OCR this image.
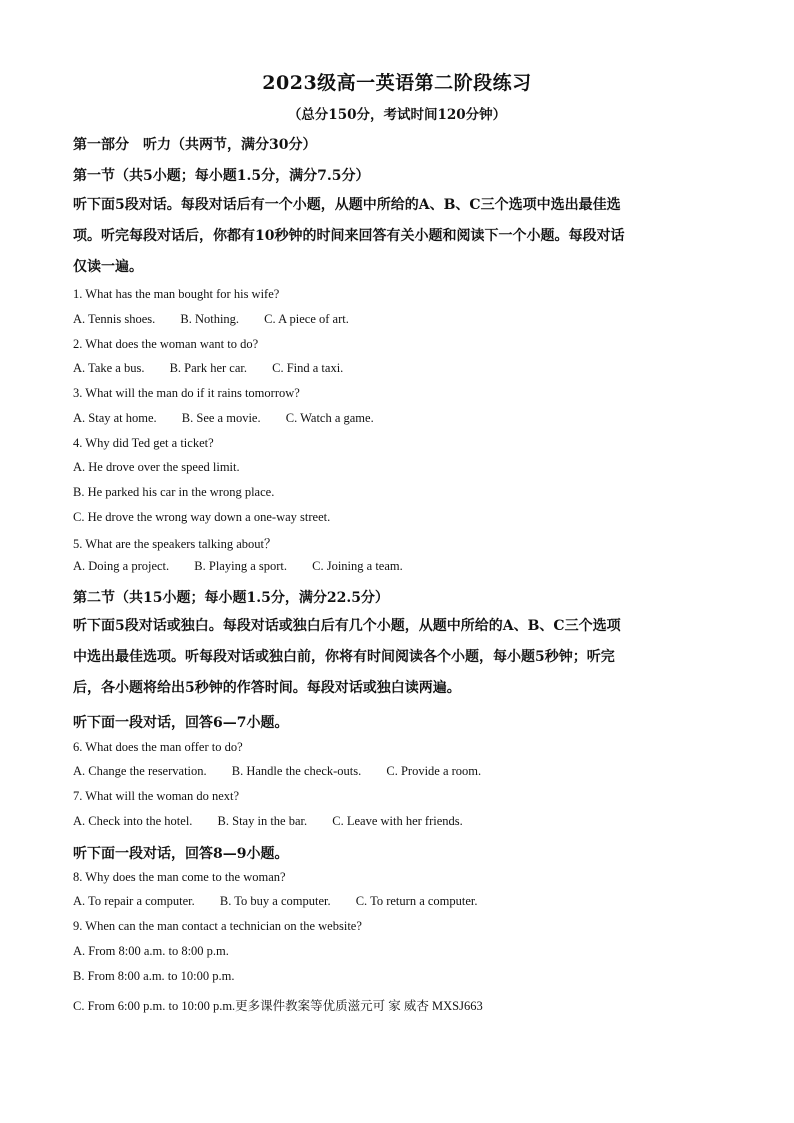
2023级高一英语第二阶段练习
（总分150分，考试时间120分钟）
第一部分　听力（共两节，满分30分）
第一节（共5小题；每小题1.5分，满分7.5分）
听下面5段对话。每段对话后有一个小题，从题中所给的A、B、C三个选项中选出最佳选
项。听完每段对话后，你都有10秒钟的时间来回答有关小题和阅读下一个小题。每段对话
仅读一遍。
1. What has the man bought for his wife?
A. Tennis shoes. B. Nothing. C. A piece of art.
2. What does the woman want to do?
A. Take a bus. B. Park her car. C. Find a taxi.
3. What will the man do if it rains tomorrow?
A. Stay at home. B. See a movie. C. Watch a game.
4. Why did Ted get a ticket?
A. He drove over the speed limit.
B. He parked his car in the wrong place.
C. He drove the wrong way down a one-way street.
5. What are the speakers talking about？
A. Doing a project. B. Playing a sport. C. Joining a team.
第二节（共15小题；每小题1.5分，满分22.5分）
听下面5段对话或独白。每段对话或独白后有几个小题，从题中所给的A、B、C三个选项
中选出最佳选项。听每段对话或独白前，你将有时间阅读各个小题，每小题5秒钟；听完
后，各小题将给出5秒钟的作答时间。每段对话或独白读两遍。
听下面一段对话，回答6—7小题。
6. What does the man offer to do?
A. Change the reservation. B. Handle the check-outs. C. Provide a room.
7. What will the woman do next?
A. Check into the hotel. B. Stay in the bar. C. Leave with her friends.
听下面一段对话，回答8—9小题。
8. Why does the man come to the woman?
A. To repair a computer. B. To buy a computer. C. To return a computer.
9. When can the man contact a technician on the website?
A. From 8:00 a.m. to 8:00 p.m.
B. From 8:00 a.m. to 10:00 p.m.
C. From 6:00 p.m. to 10:00 p.m.更多课件教案等优质滋元可 家 威杏 MXSJ663
